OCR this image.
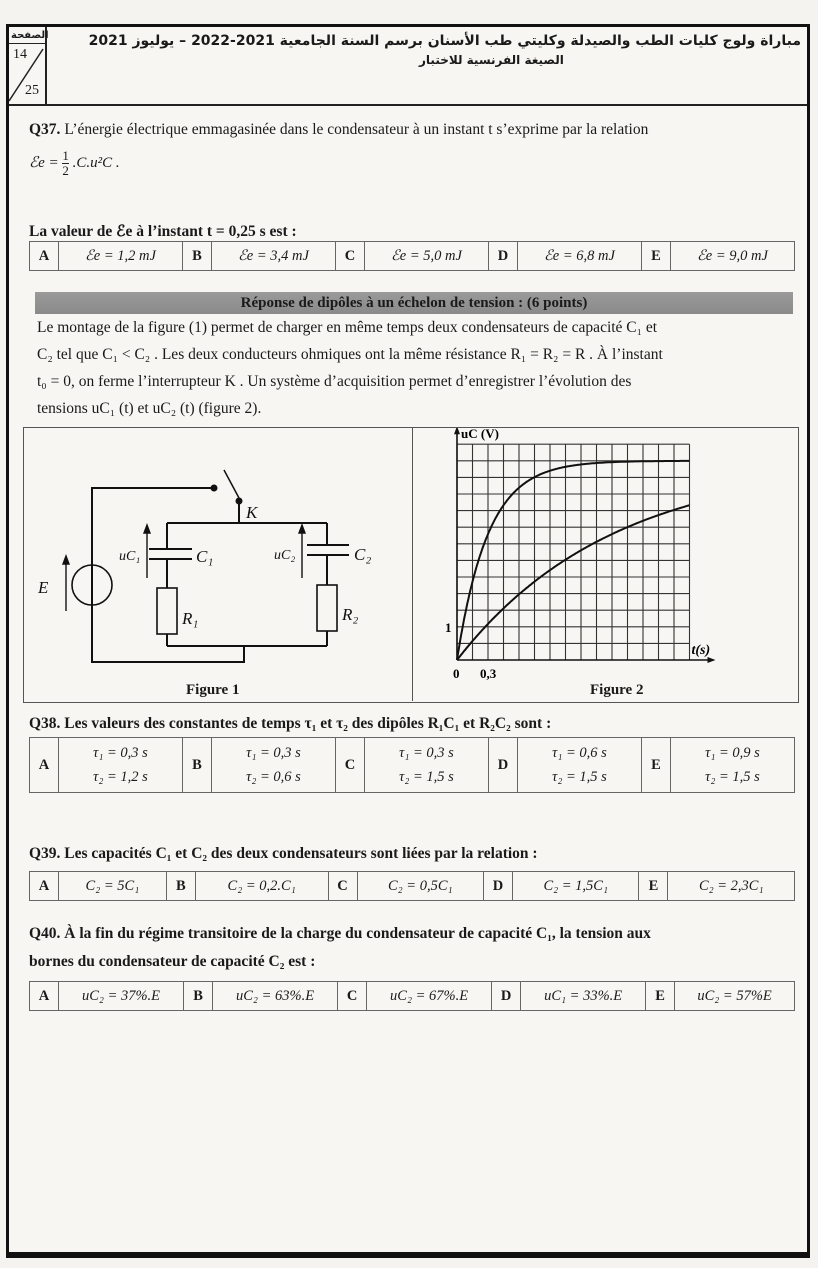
الصفحة
14
25
مباراة ولوج كليات الطب والصيدلة وكليتي طب الأسنان برسم السنة الجامعية 2021-2022 – يوليوز 2021
الصيغة الفرنسية للاختبار
Q37. L’énergie électrique emmagasinée dans le condensateur à un instant t s’exprime par la relation
ℰe = $\frac{1}{2} .C.u^2C$ .
La valeur de ℰe à l’instant t = 0,25 s est :
A	ℰe = 1,2 mJ	B	ℰe = 3,4 mJ	C	ℰe = 5,0 mJ	D	ℰe = 6,8 mJ	E	ℰe = 9,0 mJ
Réponse de dipôles à un échelon de tension : (6 points)
Le montage de la figure (1) permet de charger en même temps deux condensateurs de capacité C₁ et
C₂ tel que C₁ < C₂ . Les deux conducteurs ohmiques ont la même résistance R₁ = R₂ = R . À l’instant
t₀ = 0, on ferme l’interrupteur K . Un système d’acquisition permet d’enregistrer l’évolution des
tensions uC₁ (t) et uC₂ (t) (figure 2).
E
K
uC₁	C₁	uC₂	C₂
R₁	R₂
Figure 1
uC (V)
t(s)
0 0,3
1
Figure 2
Q38. Les valeurs des constantes de temps τ₁ et τ₂ des dipôles R₁C₁ et R₂C₂ sont :
A	
τ₁ = 0,3 s
τ₂ = 1,2 s
	B	
τ₁ = 0,3 s
τ₂ = 0,6 s
	C	
τ₁ = 0,3 s
τ₂ = 1,5 s
	D	
τ₁ = 0,6 s
τ₂ = 1,5 s
	E	
τ₁ = 0,9 s
τ₂ = 1,5 s
Q39. Les capacités C₁ et C₂ des deux condensateurs sont liées par la relation :
A	C₂ = 5C₁	B	C₂ = 0,2.C₁	C	C₂ = 0,5C₁	D	C₂ = 1,5C₁	E	C₂ = 2,3C₁
Q40. À la fin du régime transitoire de la charge du condensateur de capacité C₁, la tension aux
bornes du condensateur de capacité C₂ est :
A	uC₂ = 37%.E	B	uC₂ = 63%.E	C	uC₂ = 67%.E	D	uC₁ = 33%.E	E	uC₂ = 57%E
